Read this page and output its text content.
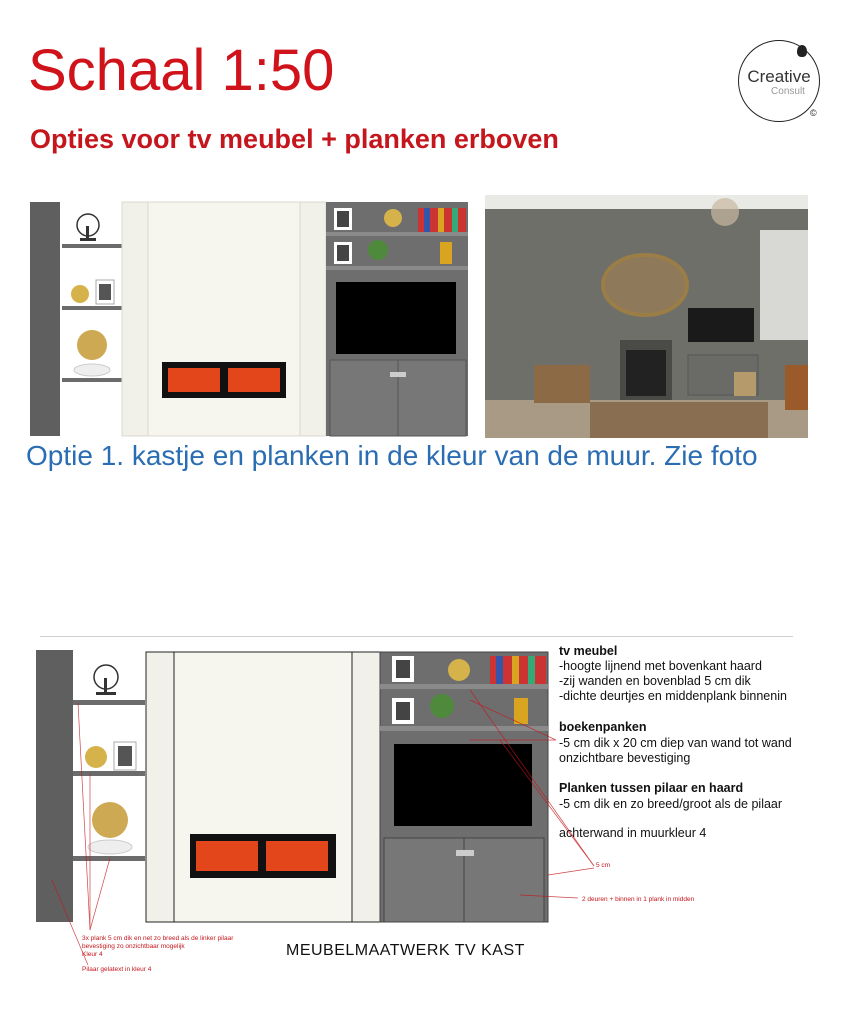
Schaal 1:50
Opties voor tv meubel + planken erboven
Creative
Consult
©
Optie 1. kastje en planken in de kleur van de muur. Zie foto
tv meubel
-hoogte lijnend met bovenkant haard
-zij wanden en bovenblad 5 cm dik
-dichte deurtjes en middenplank binnenin
boekenpanken
-5 cm dik x 20 cm diep van wand tot wand
onzichtbare bevestiging
Planken tussen pilaar en haard
-5 cm dik en zo breed/groot als de pilaar
achterwand in muurkleur 4
5 cm
2 deuren + binnen in 1 plank in midden
3x plank 5 cm dik en net zo breed als de linker pilaar
bevestiging zo onzichtbaar mogelijk
Kleur 4
Pilaar gelatext in kleur 4
MEUBELMAATWERK TV KAST
